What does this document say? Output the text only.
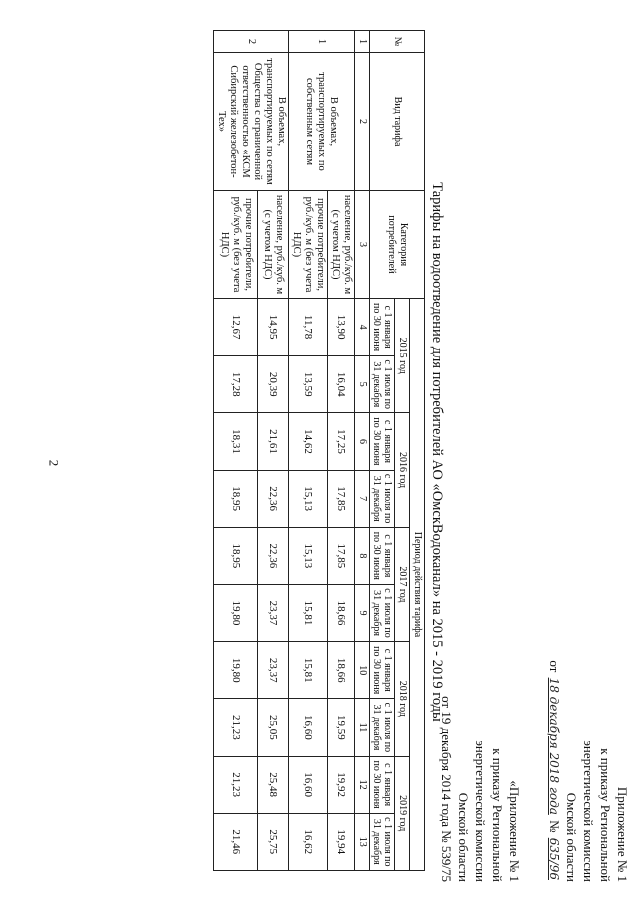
2
Приложение № 1
к приказу Региональной
энергетической комиссии
Омской области
от 18 декабря 2018 года № 635/96
«Приложение № 1
к приказу Региональной
энергетической комиссии
Омской области
от 19 декабря 2014 года № 539/75
Тарифы на водоотведение для потребителей АО «ОмскВодоканал» на 2015 - 2019 годы
№	Вид тарифа	Категория потребителей	Период действия тарифа									
			2015 год		2016 год		2017 год		2018 год		2019 год	
			с 1 января по 30 июня	с 1 июля по 31 декабря	с 1 января по 30 июня	с 1 июля по 31 декабря	с 1 января по 30 июня	с 1 июля по 31 декабря	с 1 января по 30 июня	с 1 июля по 31 декабря	с 1 января по 30 июня	с 1 июля по 31 декабря
1	2	3	4	5	6	7	8	9	10	11	12	13
1	В объемах, транспортируемых по собственным сетям	население, руб./куб. м (с учетом НДС)	13,90	16,04	17,25	17,85	17,85	18,66	18,66	19,59	19,92	19,94
		прочие потребители, руб./куб. м (без учета НДС)	11,78	13,59	14,62	15,13	15,13	15,81	15,81	16,60	16,60	16,62
2	В объемах, транспортируемых по сетям Общества с ограниченной ответственностью «КСМ Сибирский железобетон-Тех»	население, руб./куб. м (с учетом НДС)	14,95	20,39	21,61	22,36	22,36	23,37	23,37	25,05	25,48	25,75
		прочие потребители, руб./куб. м (без учета НДС)	12,67	17,28	18,31	18,95	18,95	19,80	19,80	21,23	21,23	21,46
